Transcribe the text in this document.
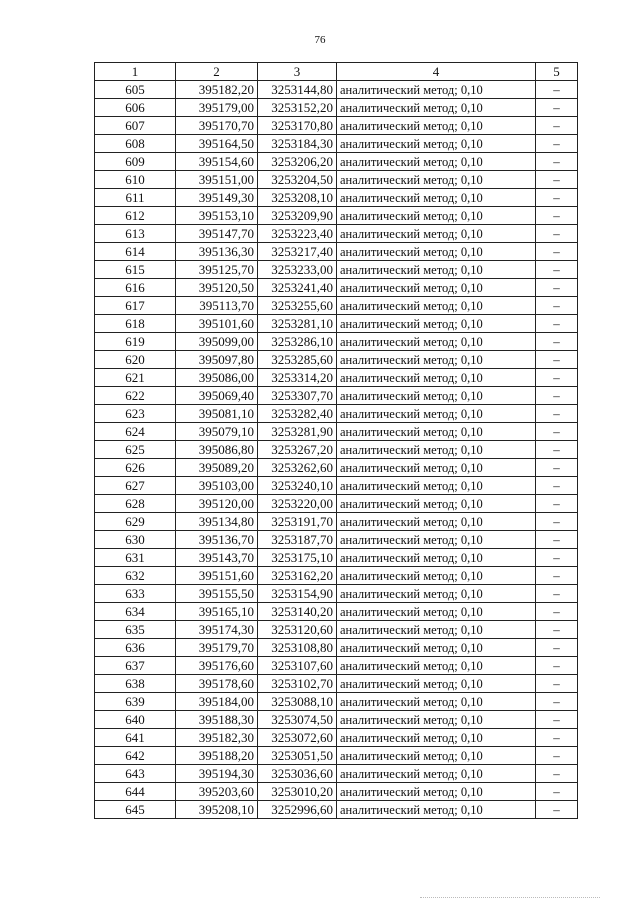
76
1	2	3	4	5
605	395182,20	3253144,80	аналитический метод; 0,10	–
606	395179,00	3253152,20	аналитический метод; 0,10	–
607	395170,70	3253170,80	аналитический метод; 0,10	–
608	395164,50	3253184,30	аналитический метод; 0,10	–
609	395154,60	3253206,20	аналитический метод; 0,10	–
610	395151,00	3253204,50	аналитический метод; 0,10	–
611	395149,30	3253208,10	аналитический метод; 0,10	–
612	395153,10	3253209,90	аналитический метод; 0,10	–
613	395147,70	3253223,40	аналитический метод; 0,10	–
614	395136,30	3253217,40	аналитический метод; 0,10	–
615	395125,70	3253233,00	аналитический метод; 0,10	–
616	395120,50	3253241,40	аналитический метод; 0,10	–
617	395113,70	3253255,60	аналитический метод; 0,10	–
618	395101,60	3253281,10	аналитический метод; 0,10	–
619	395099,00	3253286,10	аналитический метод; 0,10	–
620	395097,80	3253285,60	аналитический метод; 0,10	–
621	395086,00	3253314,20	аналитический метод; 0,10	–
622	395069,40	3253307,70	аналитический метод; 0,10	–
623	395081,10	3253282,40	аналитический метод; 0,10	–
624	395079,10	3253281,90	аналитический метод; 0,10	–
625	395086,80	3253267,20	аналитический метод; 0,10	–
626	395089,20	3253262,60	аналитический метод; 0,10	–
627	395103,00	3253240,10	аналитический метод; 0,10	–
628	395120,00	3253220,00	аналитический метод; 0,10	–
629	395134,80	3253191,70	аналитический метод; 0,10	–
630	395136,70	3253187,70	аналитический метод; 0,10	–
631	395143,70	3253175,10	аналитический метод; 0,10	–
632	395151,60	3253162,20	аналитический метод; 0,10	–
633	395155,50	3253154,90	аналитический метод; 0,10	–
634	395165,10	3253140,20	аналитический метод; 0,10	–
635	395174,30	3253120,60	аналитический метод; 0,10	–
636	395179,70	3253108,80	аналитический метод; 0,10	–
637	395176,60	3253107,60	аналитический метод; 0,10	–
638	395178,60	3253102,70	аналитический метод; 0,10	–
639	395184,00	3253088,10	аналитический метод; 0,10	–
640	395188,30	3253074,50	аналитический метод; 0,10	–
641	395182,30	3253072,60	аналитический метод; 0,10	–
642	395188,20	3253051,50	аналитический метод; 0,10	–
643	395194,30	3253036,60	аналитический метод; 0,10	–
644	395203,60	3253010,20	аналитический метод; 0,10	–
645	395208,10	3252996,60	аналитический метод; 0,10	–
